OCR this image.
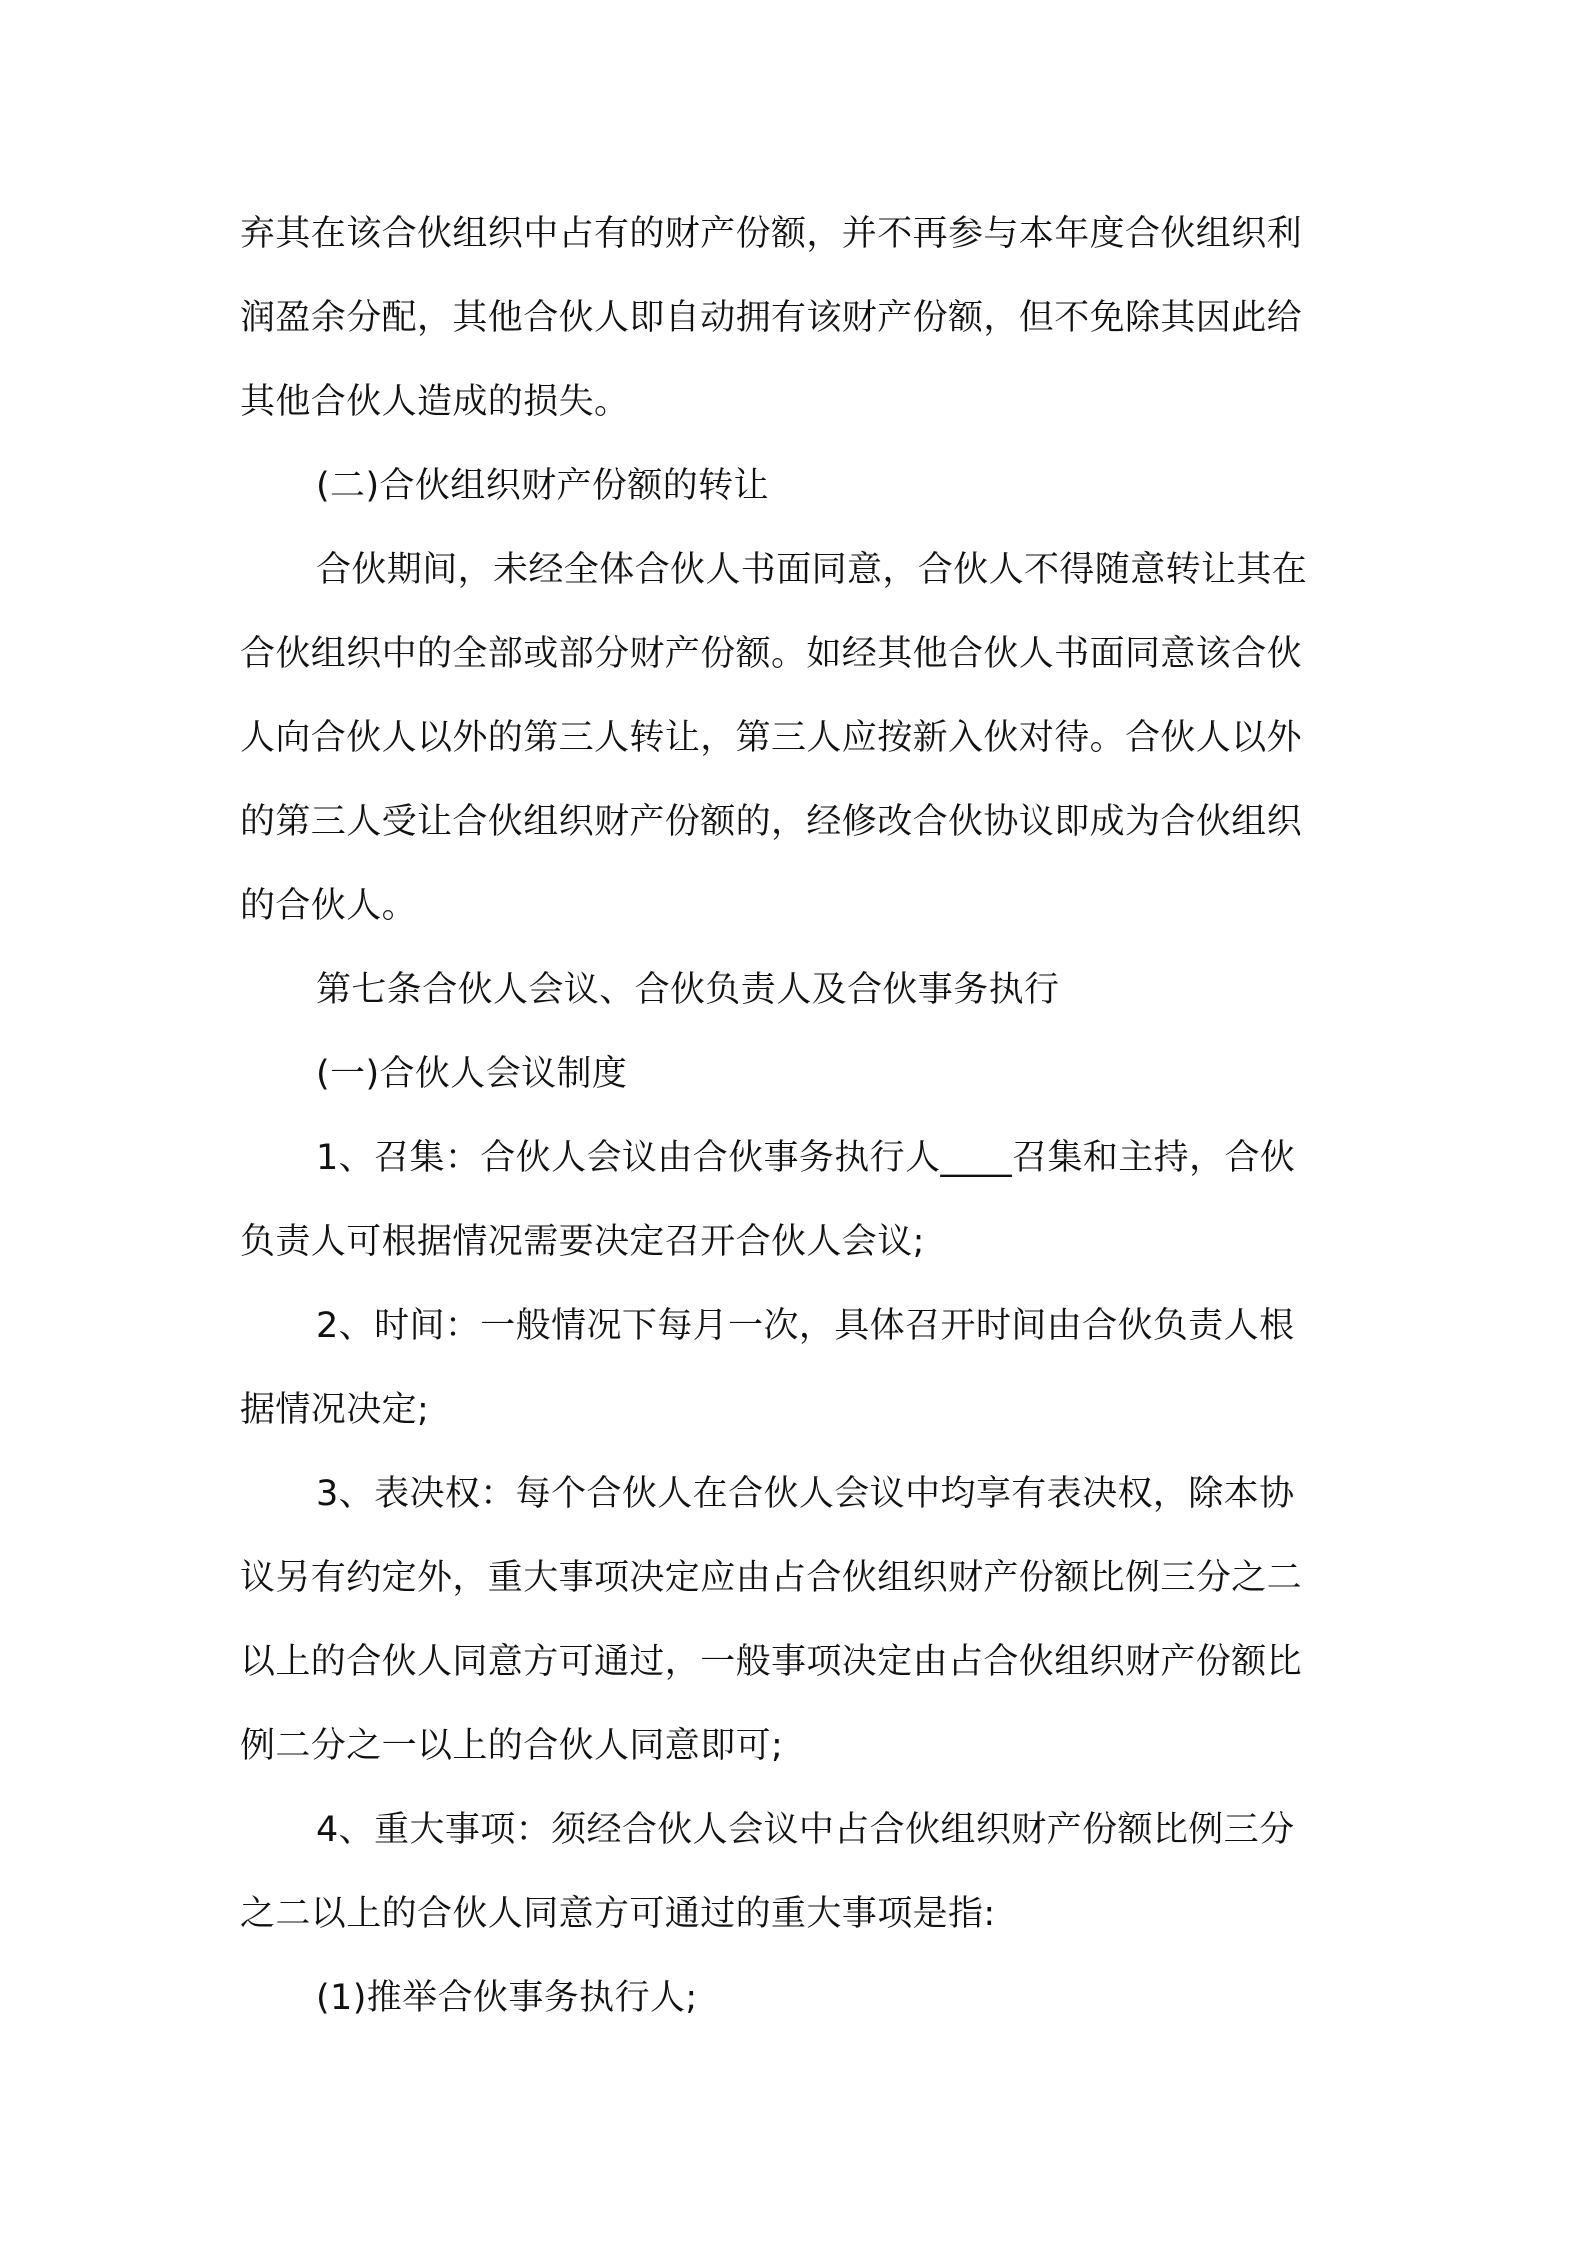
弃其在该合伙组织中占有的财产份额，并不再参与本年度合伙组织利
润盈余分配，其他合伙人即自动拥有该财产份额，但不免除其因此给
其他合伙人造成的损失。
(二)合伙组织财产份额的转让
合伙期间，未经全体合伙人书面同意，合伙人不得随意转让其在
合伙组织中的全部或部分财产份额。如经其他合伙人书面同意该合伙
人向合伙人以外的第三人转让，第三人应按新入伙对待。合伙人以外
的第三人受让合伙组织财产份额的，经修改合伙协议即成为合伙组织
的合伙人。
第七条合伙人会议、合伙负责人及合伙事务执行
(一)合伙人会议制度
1、召集：合伙人会议由合伙事务执行人____召集和主持，合伙
负责人可根据情况需要决定召开合伙人会议;
2、时间：一般情况下每月一次，具体召开时间由合伙负责人根
据情况决定;
3、表决权：每个合伙人在合伙人会议中均享有表决权，除本协
议另有约定外，重大事项决定应由占合伙组织财产份额比例三分之二
以上的合伙人同意方可通过，一般事项决定由占合伙组织财产份额比
例二分之一以上的合伙人同意即可;
4、重大事项：须经合伙人会议中占合伙组织财产份额比例三分
之二以上的合伙人同意方可通过的重大事项是指:
(1)推举合伙事务执行人;
